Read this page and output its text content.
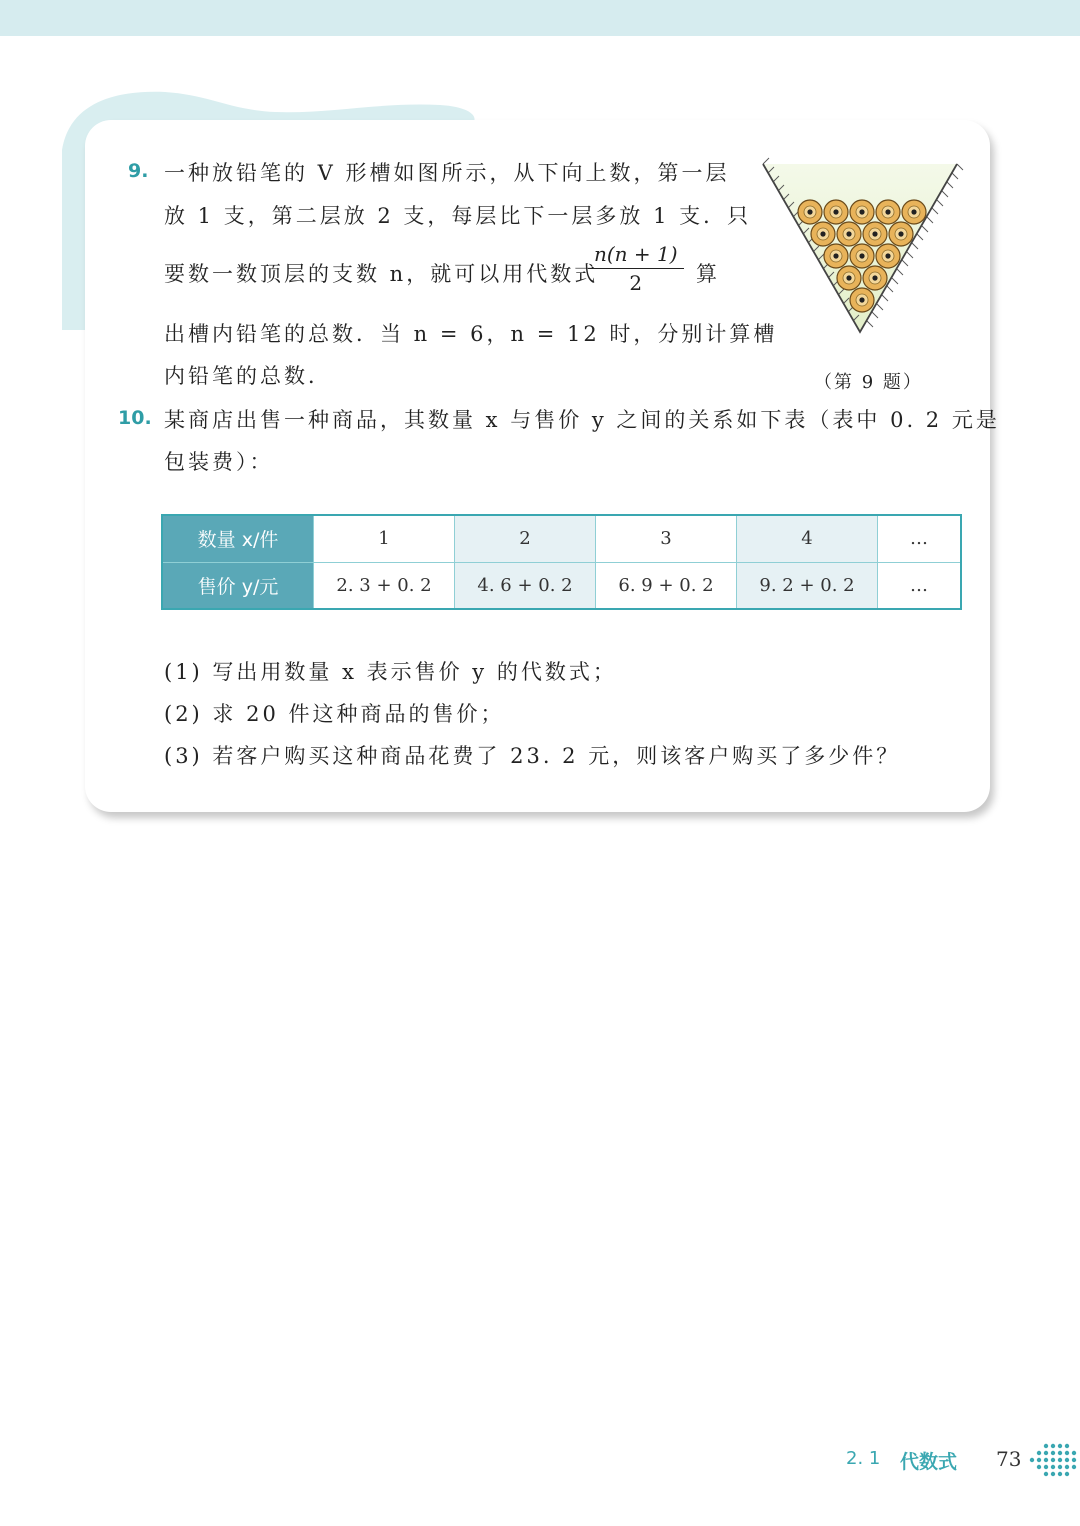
9. 一种放铅笔的 V 形槽如图所示，从下向上数，第一层
放 1 支，第二层放 2 支，每层比下一层多放 1 支．只
要数一数顶层的支数 n，就可以用代数式
$\frac{n(n + 1)}{2}$ 算
出槽内铅笔的总数．当 n = 6，n = 12 时，分别计算槽
内铅笔的总数．	（第 9 题）
10. 某商店出售一种商品，其数量 x 与售价 y 之间的关系如下表（表中 0. 2 元是
包装费）：
数量 x/件	1	2	3	4	…
售价 y/元	2. 3 + 0. 2	4. 6 + 0. 2	6. 9 + 0. 2	9. 2 + 0. 2	…
(1) 写出用数量 x 表示售价 y 的代数式；
(2) 求 20 件这种商品的售价；
(3) 若客户购买这种商品花费了 23. 2 元，则该客户购买了多少件？
2. 1 代数式 73
